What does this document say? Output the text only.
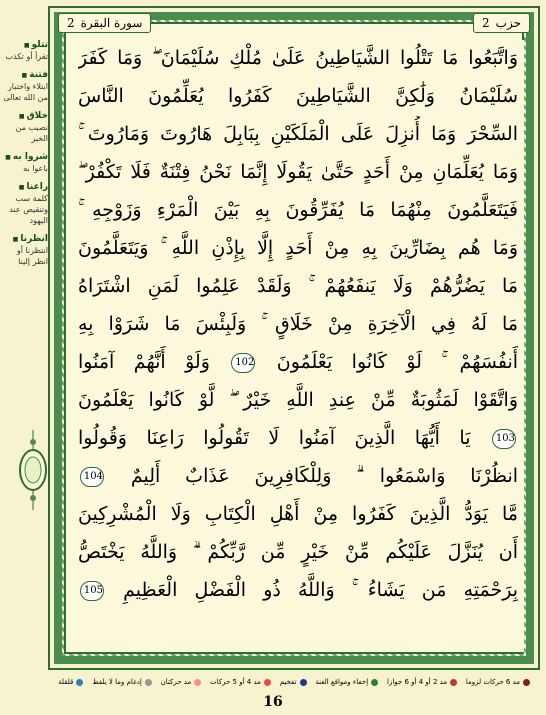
2 سورة البقرة	2 حزب
وَاتَّبَعُوا مَا تَتْلُوا الشَّيَاطِينُ عَلَىٰ مُلْكِ سُلَيْمَانَ ۖ وَمَا كَفَرَ
سُلَيْمَانُ وَلَٰكِنَّ الشَّيَاطِينَ كَفَرُوا يُعَلِّمُونَ النَّاسَ
السِّحْرَ وَمَا أُنزِلَ عَلَى الْمَلَكَيْنِ بِبَابِلَ هَارُوتَ وَمَارُوتَ ۚ
وَمَا يُعَلِّمَانِ مِنْ أَحَدٍ حَتَّىٰ يَقُولَا إِنَّمَا نَحْنُ فِتْنَةٌ فَلَا تَكْفُرْ ۖ
فَيَتَعَلَّمُونَ مِنْهُمَا مَا يُفَرِّقُونَ بِهِ بَيْنَ الْمَرْءِ وَزَوْجِهِ ۚ
وَمَا هُم بِضَارِّينَ بِهِ مِنْ أَحَدٍ إِلَّا بِإِذْنِ اللَّهِ ۚ وَيَتَعَلَّمُونَ
مَا يَضُرُّهُمْ وَلَا يَنفَعُهُمْ ۚ وَلَقَدْ عَلِمُوا لَمَنِ اشْتَرَاهُ
مَا لَهُ فِي الْآخِرَةِ مِنْ خَلَاقٍ ۚ وَلَبِئْسَ مَا شَرَوْا بِهِ
أَنفُسَهُمْ ۚ لَوْ كَانُوا يَعْلَمُونَ 102 وَلَوْ أَنَّهُمْ آمَنُوا
وَاتَّقَوْا لَمَثُوبَةٌ مِّنْ عِندِ اللَّهِ خَيْرٌ ۖ لَّوْ كَانُوا يَعْلَمُونَ
103 يَا أَيُّهَا الَّذِينَ آمَنُوا لَا تَقُولُوا رَاعِنَا وَقُولُوا
انظُرْنَا وَاسْمَعُوا ۗ وَلِلْكَافِرِينَ عَذَابٌ أَلِيمٌ 104
مَّا يَوَدُّ الَّذِينَ كَفَرُوا مِنْ أَهْلِ الْكِتَابِ وَلَا الْمُشْرِكِينَ
أَن يُنَزَّلَ عَلَيْكُم مِّنْ خَيْرٍ مِّن رَّبِّكُمْ ۗ وَاللَّهُ يَخْتَصُّ
بِرَحْمَتِهِ مَن يَشَاءُ ۚ وَاللَّهُ ذُو الْفَضْلِ الْعَظِيمِ 105
تتلو ■
تقرأ أو تكذب
فتنة ■
ابتلاء واختبار من الله تعالى
خلاق ■
نصيب من الخير
شروا به ■
باعوا به
راعنا ■
كلمة سب وتنقيص عند اليهود
انظرنا ■
انتظرنا أو انظر إلينا
مد 6 حركات لزوما
مد 2 أو 4 أو 6 جوازا
إخفاء ومواقع الغنة
تفخيم
مد 4 أو 5 حركات
مد حركتان
إدغام وما لا يلفظ
قلقلة
16
